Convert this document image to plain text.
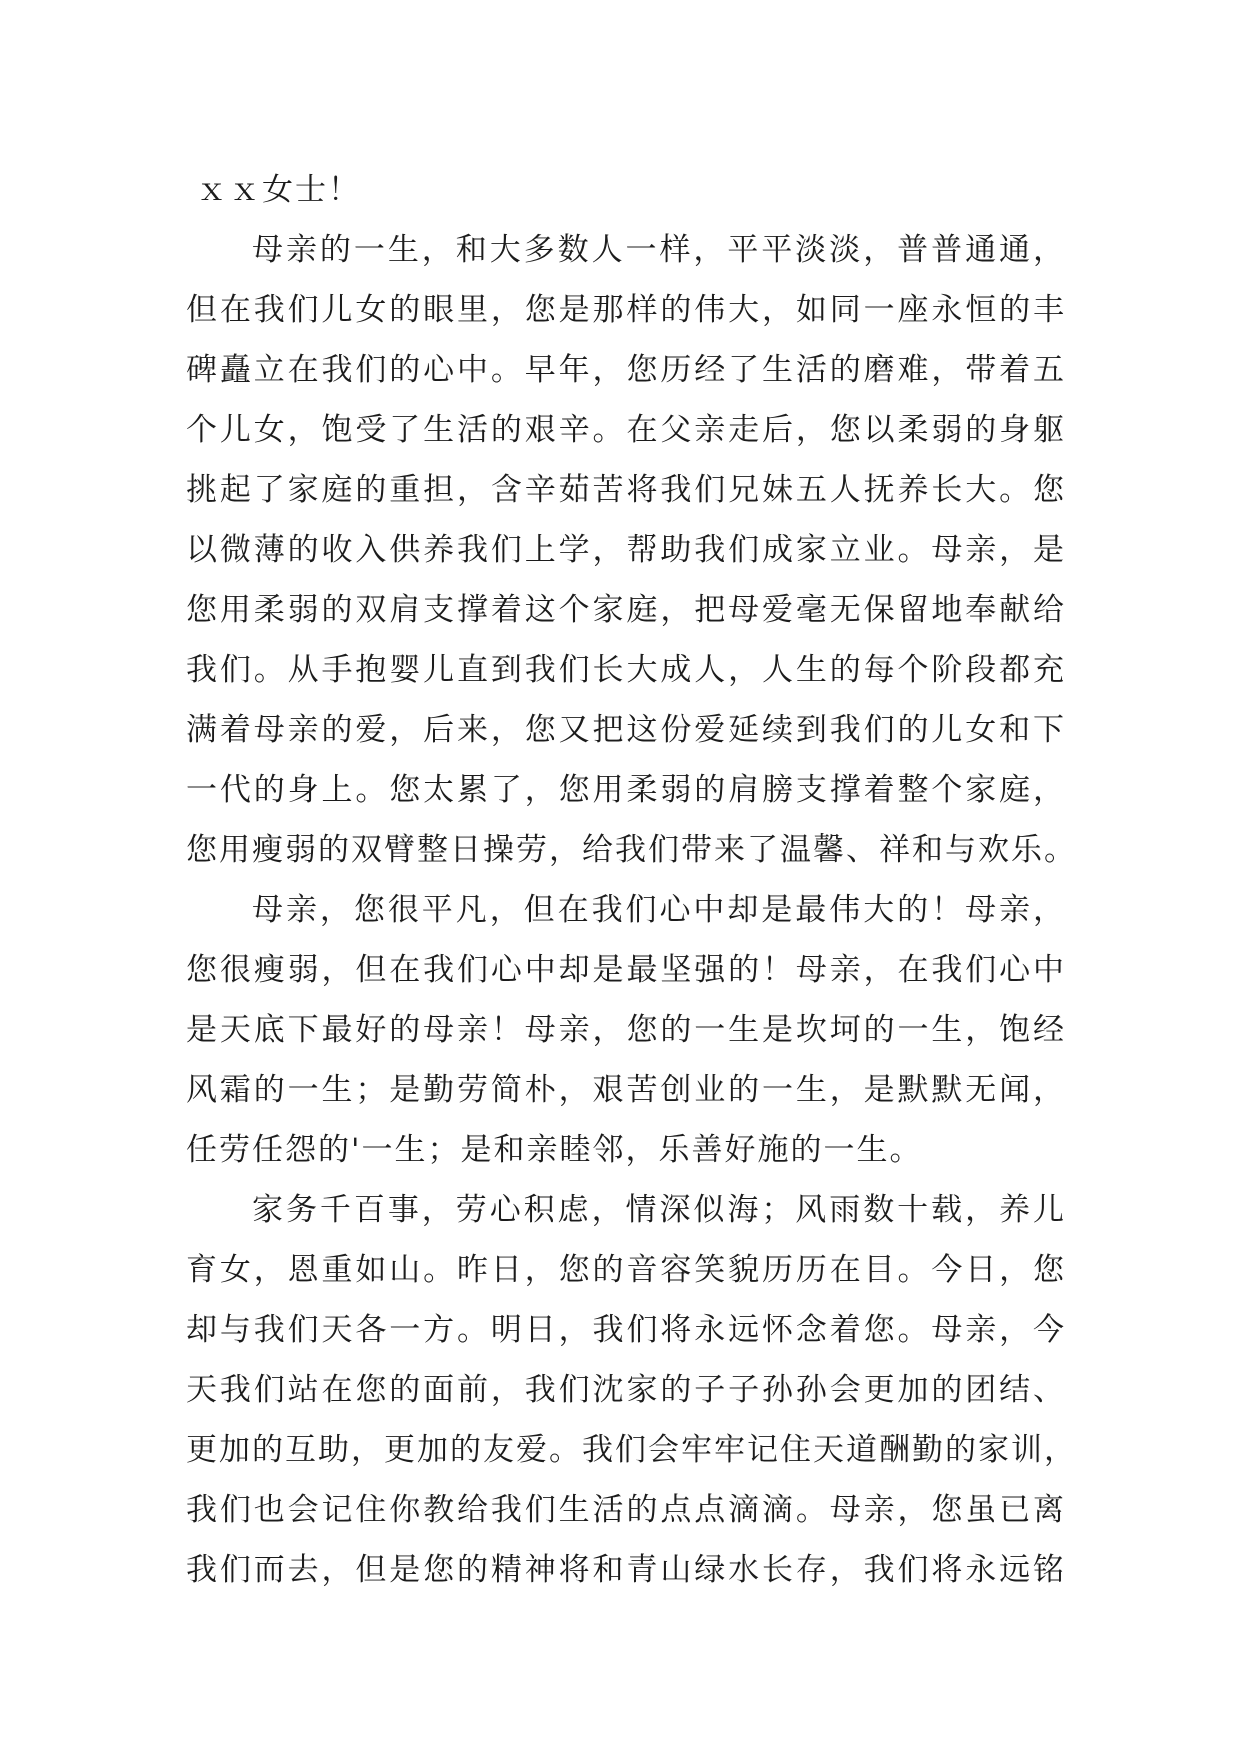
ｘｘ女士！
母亲的一生，和大多数人一样，平平淡淡，普普通通，
但在我们儿女的眼里，您是那样的伟大，如同一座永恒的丰
碑矗立在我们的心中。早年，您历经了生活的磨难，带着五
个儿女，饱受了生活的艰辛。在父亲走后，您以柔弱的身躯
挑起了家庭的重担，含辛茹苦将我们兄妹五人抚养长大。您
以微薄的收入供养我们上学，帮助我们成家立业。母亲，是
您用柔弱的双肩支撑着这个家庭，把母爱毫无保留地奉献给
我们。从手抱婴儿直到我们长大成人，人生的每个阶段都充
满着母亲的爱，后来，您又把这份爱延续到我们的儿女和下
一代的身上。您太累了，您用柔弱的肩膀支撑着整个家庭，
您用瘦弱的双臂整日操劳，给我们带来了温馨、祥和与欢乐。
母亲，您很平凡，但在我们心中却是最伟大的！母亲，
您很瘦弱，但在我们心中却是最坚强的！母亲，在我们心中
是天底下最好的母亲！母亲，您的一生是坎坷的一生，饱经
风霜的一生；是勤劳简朴，艰苦创业的一生，是默默无闻，
任劳任怨的'一生；是和亲睦邻，乐善好施的一生。
家务千百事，劳心积虑，情深似海；风雨数十载，养儿
育女，恩重如山。昨日，您的音容笑貌历历在目。今日，您
却与我们天各一方。明日，我们将永远怀念着您。母亲，今
天我们站在您的面前，我们沈家的子子孙孙会更加的团结、
更加的互助，更加的友爱。我们会牢牢记住天道酬勤的家训，
我们也会记住你教给我们生活的点点滴滴。母亲，您虽已离
我们而去，但是您的精神将和青山绿水长存，我们将永远铭
